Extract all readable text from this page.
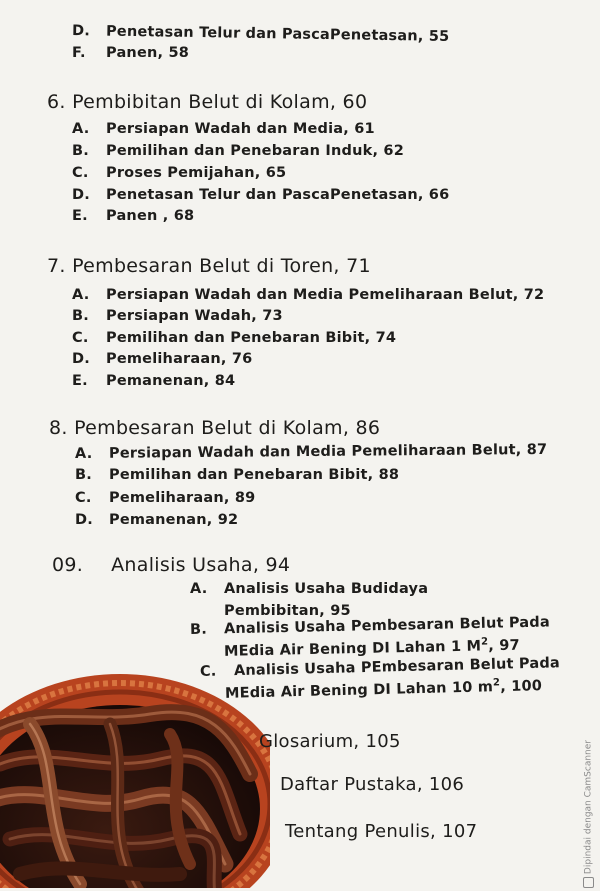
D. Penetasan Telur dan PascaPenetasan, 55
F. Panen, 58
6. Pembibitan Belut di Kolam, 60
A. Persiapan Wadah dan Media, 61
B. Pemilihan dan Penebaran Induk, 62
C. Proses Pemijahan, 65
D. Penetasan Telur dan PascaPenetasan, 66
E. Panen , 68
7. Pembesaran Belut di Toren, 71
A. Persiapan Wadah dan Media Pemeliharaan Belut, 72
B. Persiapan Wadah, 73
C. Pemilihan dan Penebaran Bibit, 74
D. Pemeliharaan, 76
E. Pemanenan, 84
8. Pembesaran Belut di Kolam, 86
A. Persiapan Wadah dan Media Pemeliharaan Belut, 87
B. Pemilihan dan Penebaran Bibit, 88
C. Pemeliharaan, 89
D. Pemanenan, 92
09. Analisis Usaha, 94
A. Analisis Usaha Budidaya
Pembibitan, 95
B. Analisis Usaha Pembesaran Belut Pada
MEdia Air Bening DI Lahan 1 $M^2$, 97
C. Analisis Usaha PEmbesaran Belut Pada
MEdia Air Bening DI Lahan 10 $m^2$, 100
Glosarium, 105
Daftar Pustaka, 106
Tentang Penulis, 107	Dipindai dengan CamScanner
